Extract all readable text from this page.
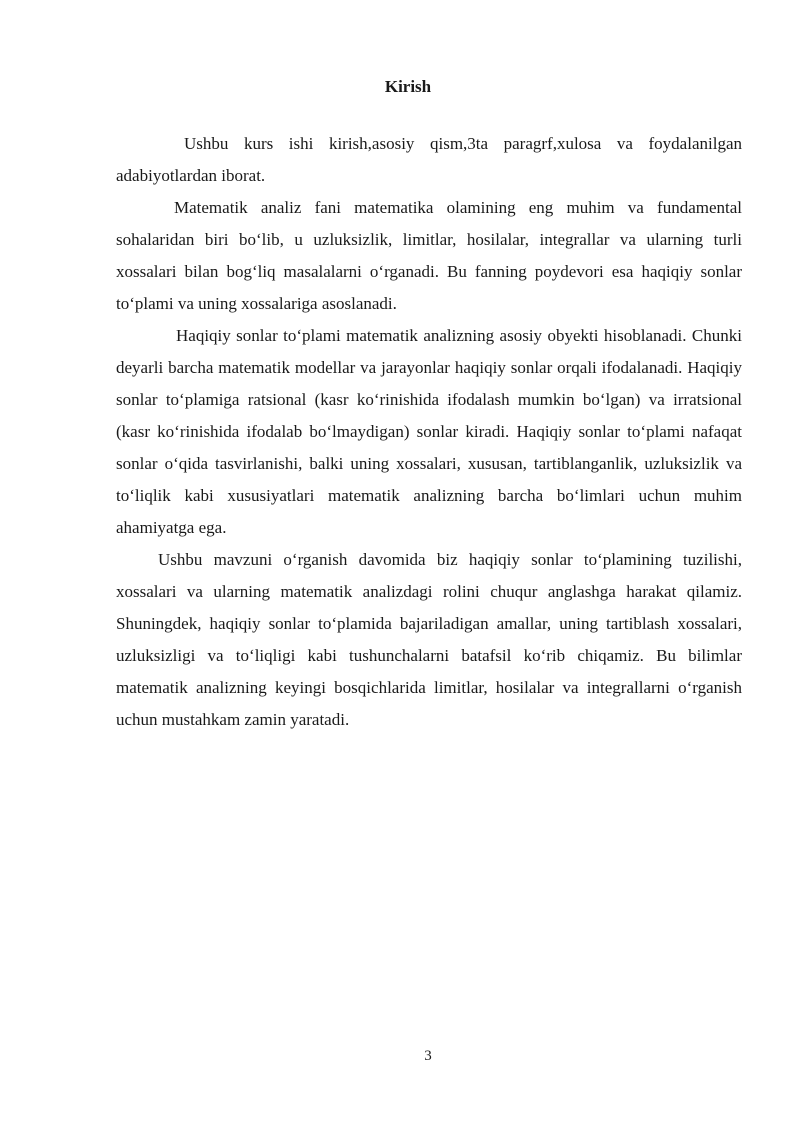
Kirish

Ushbu kurs ishi kirish,asosiy qism,3ta paragrf,xulosa va foydalanilgan adabiyotlardan iborat.

Matematik analiz fani matematika olamining eng muhim va fundamental sohalaridan biri bo‘lib, u uzluksizlik, limitlar, hosilalar, integrallar va ularning turli xossalari bilan bog‘liq masalalarni o‘rganadi. Bu fanning poydevori esa haqiqiy sonlar to‘plami va uning xossalariga asoslanadi.

Haqiqiy sonlar to‘plami matematik analizning asosiy obyekti hisoblanadi. Chunki deyarli barcha matematik modellar va jarayonlar haqiqiy sonlar orqali ifodalanadi. Haqiqiy sonlar to‘plamiga ratsional (kasr ko‘rinishida ifodalash mumkin bo‘lgan) va irratsional (kasr ko‘rinishida ifodalab bo‘lmaydigan) sonlar kiradi. Haqiqiy sonlar to‘plami nafaqat sonlar o‘qida tasvirlanishi, balki uning xossalari, xususan, tartiblanganlik, uzluksizlik va to‘liqlik kabi xususiyatlari matematik analizning barcha bo‘limlari uchun muhim ahamiyatga ega.

Ushbu mavzuni o‘rganish davomida biz haqiqiy sonlar to‘plamining tuzilishi, xossalari va ularning matematik analizdagi rolini chuqur anglashga harakat qilamiz. Shuningdek, haqiqiy sonlar to‘plamida bajariladigan amallar, uning tartiblash xossalari, uzluksizligi va to‘liqligi kabi tushunchalarni batafsil ko‘rib chiqamiz. Bu bilimlar matematik analizning keyingi bosqichlarida limitlar, hosilalar va integrallarni o‘rganish uchun mustahkam zamin yaratadi.

3
